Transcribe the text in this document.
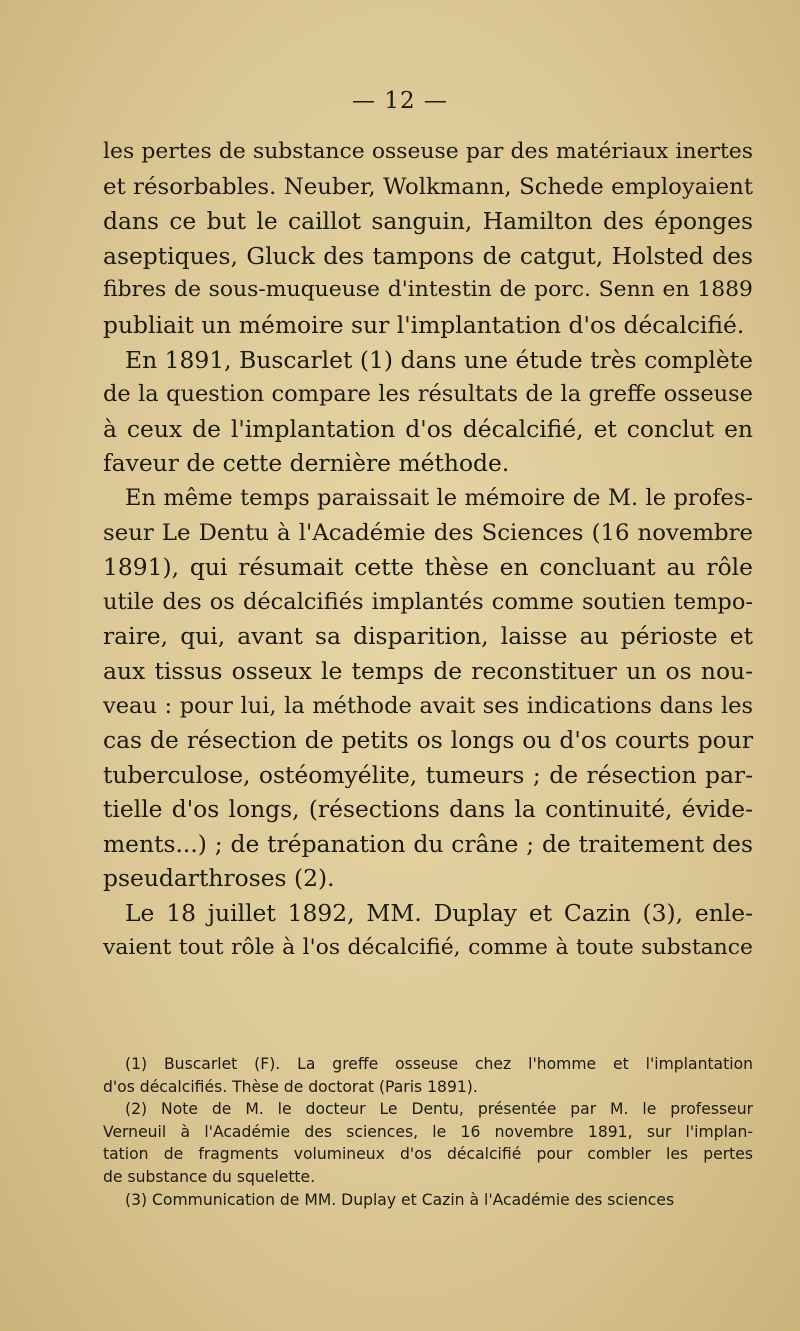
— 12 —
les pertes de substance osseuse par des matériaux inertes
et résorbables. Neuber, Wolkmann, Schede employaient
dans ce but le caillot sanguin, Hamilton des éponges
aseptiques, Gluck des tampons de catgut, Holsted des
fibres de sous-muqueuse d'intestin de porc. Senn en 1889
publiait un mémoire sur l'implantation d'os décalcifié.
En 1891, Buscarlet (1) dans une étude très complète
de la question compare les résultats de la greffe osseuse
à ceux de l'implantation d'os décalcifié, et conclut en
faveur de cette dernière méthode.
En même temps paraissait le mémoire de M. le profes-
seur Le Dentu à l'Académie des Sciences (16 novembre
1891), qui résumait cette thèse en concluant au rôle
utile des os décalcifiés implantés comme soutien tempo-
raire, qui, avant sa disparition, laisse au périoste et
aux tissus osseux le temps de reconstituer un os nou-
veau : pour lui, la méthode avait ses indications dans les
cas de résection de petits os longs ou d'os courts pour
tuberculose, ostéomyélite, tumeurs ; de résection par-
tielle d'os longs, (résections dans la continuité, évide-
ments...) ; de trépanation du crâne ; de traitement des
pseudarthroses (2).
Le 18 juillet 1892, MM. Duplay et Cazin (3), enle-
vaient tout rôle à l'os décalcifié, comme à toute substance
(1) Buscarlet (F). La greffe osseuse chez l'homme et l'implantation
d'os décalcifiés. Thèse de doctorat (Paris 1891).
(2) Note de M. le docteur Le Dentu, présentée par M. le professeur
Verneuil à l'Académie des sciences, le 16 novembre 1891, sur l'implan-
tation de fragments volumineux d'os décalcifié pour combler les pertes
de substance du squelette.
(3) Communication de MM. Duplay et Cazin à l'Académie des sciences
